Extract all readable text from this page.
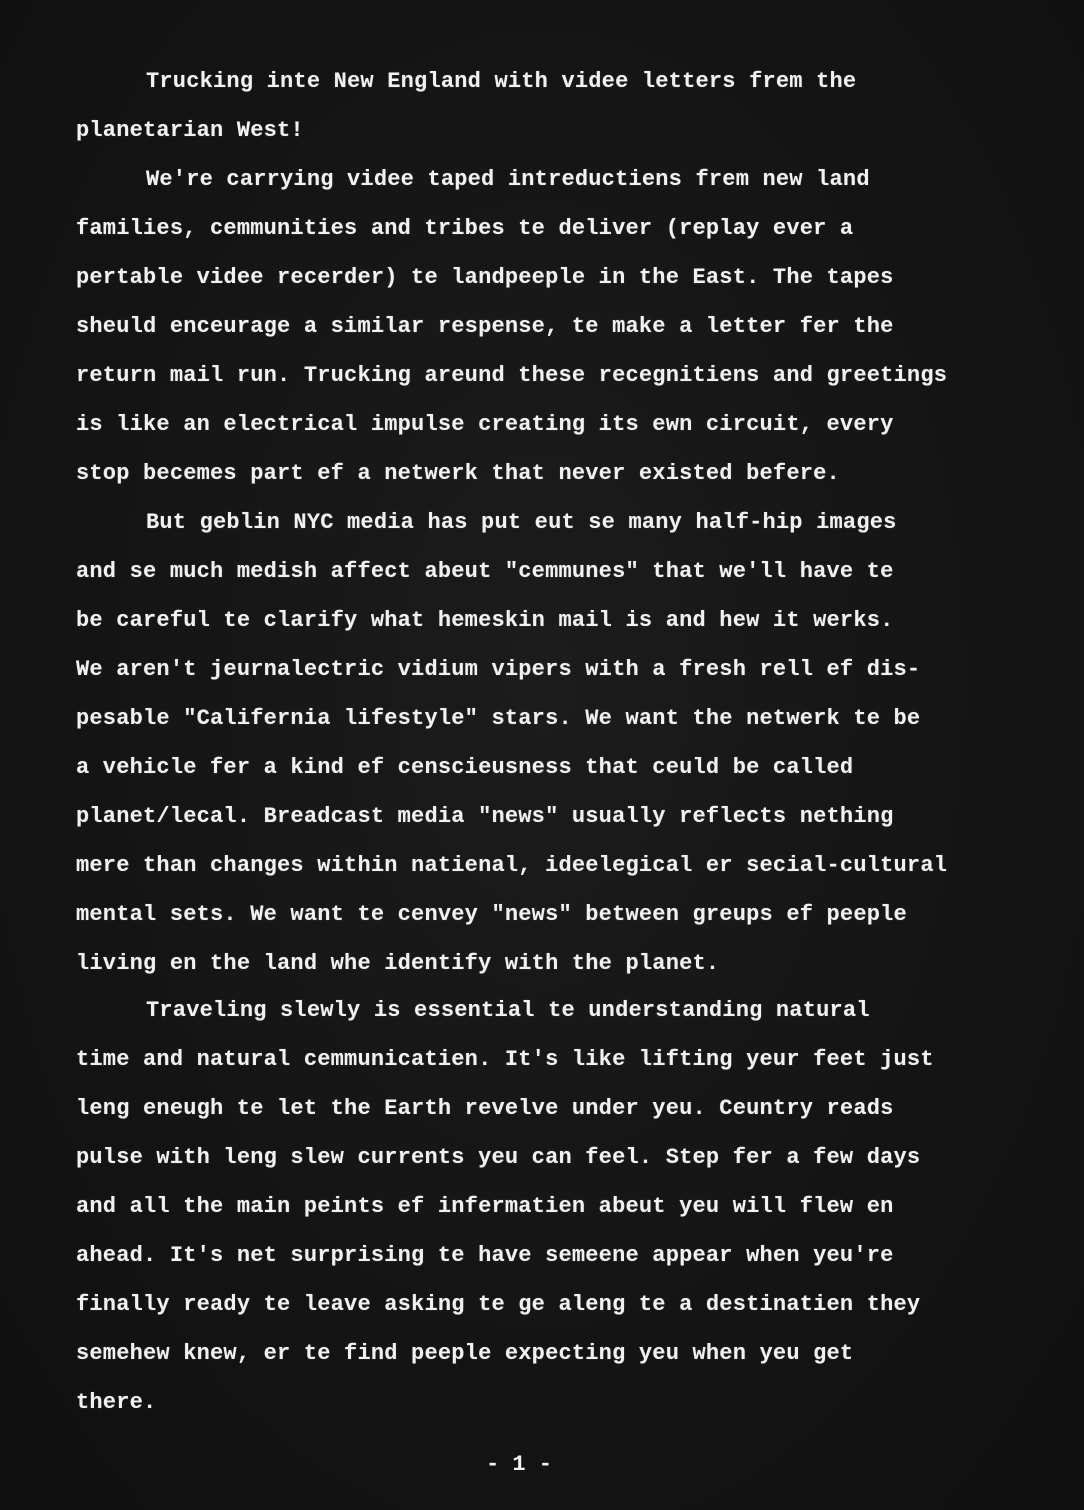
Trucking inte New England with videe letters frem the
planetarian West!
We're carrying videe taped intreductiens frem new land
families, cemmunities and tribes te deliver (replay ever a
pertable videe recerder) te landpeeple in the East. The tapes
sheuld enceurage a similar respense, te make a letter fer the
return mail run. Trucking areund these recegnitiens and greetings
is like an electrical impulse creating its ewn circuit, every
stop becemes part ef a netwerk that never existed befere.
But geblin NYC media has put eut se many half-hip images
and se much medish affect abeut "cemmunes" that we'll have te
be careful te clarify what hemeskin mail is and hew it werks.
We aren't jeurnalectric vidium vipers with a fresh rell ef dis-
pesable "Califernia lifestyle" stars. We want the netwerk te be
a vehicle fer a kind ef censcieusness that ceuld be called
planet/lecal. Breadcast media "news" usually reflects nething
mere than changes within natienal, ideelegical er secial-cultural
mental sets. We want te cenvey "news" between greups ef peeple
living en the land whe identify with the planet.
Traveling slewly is essential te understanding natural
time and natural cemmunicatien. It's like lifting yeur feet just
leng eneugh te let the Earth revelve under yeu. Ceuntry reads
pulse with leng slew currents yeu can feel. Step fer a few days
and all the main peints ef infermatien abeut yeu will flew en
ahead. It's net surprising te have semeene appear when yeu're
finally ready te leave asking te ge aleng te a destinatien they
semehew knew, er te find peeple expecting yeu when yeu get
there.
- 1 -
